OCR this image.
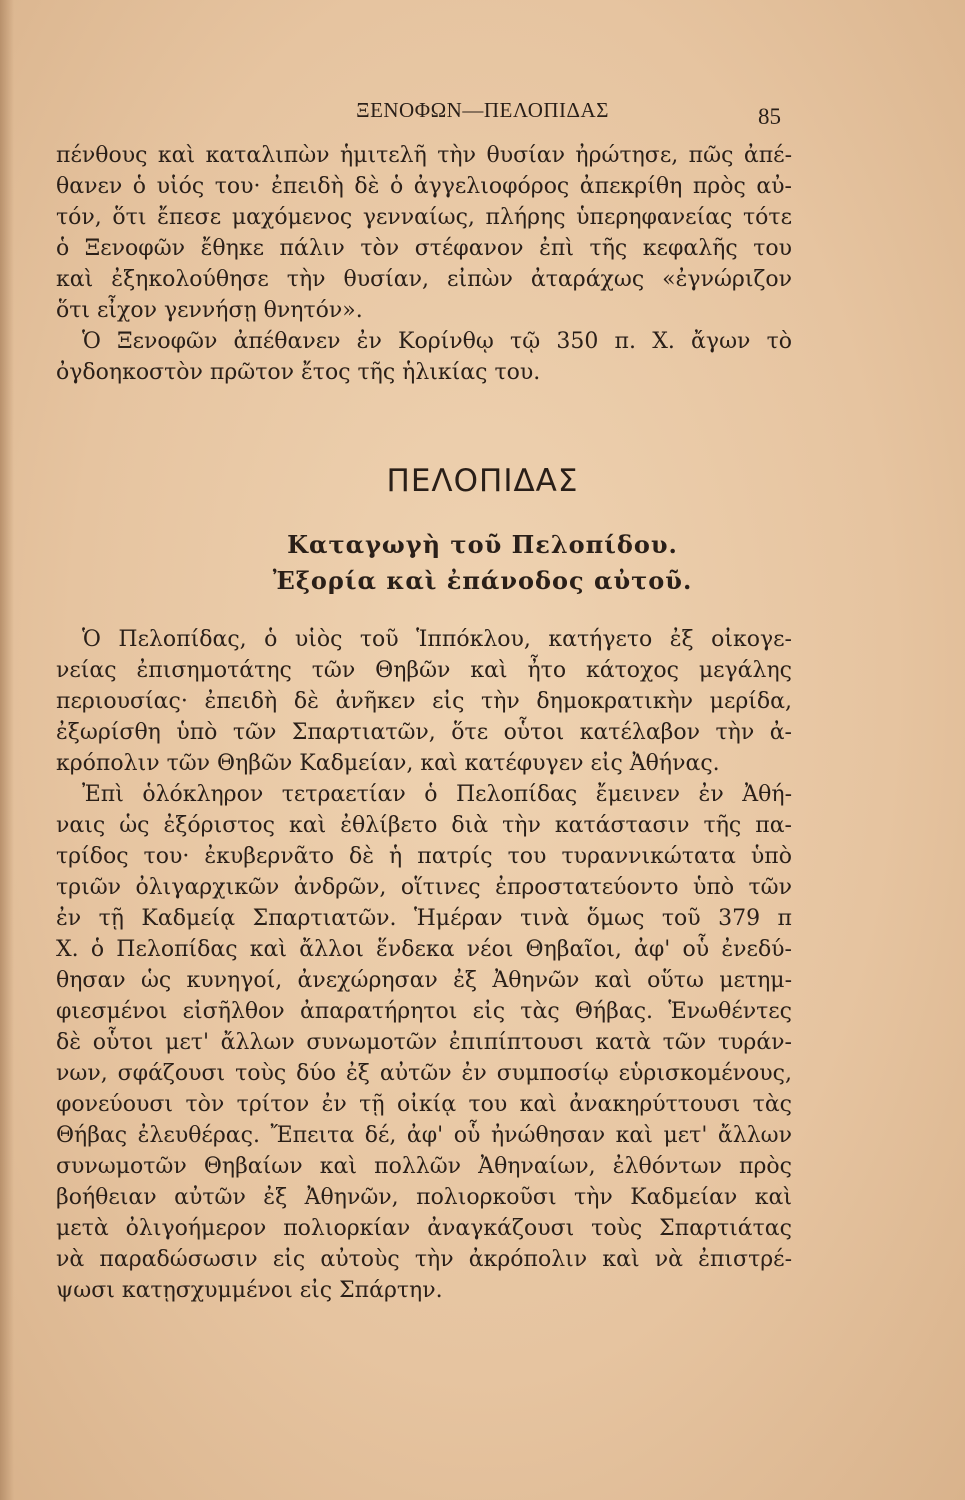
ΞΕΝΟΦΩΝ—ΠΕΛΟΠΙΔΑΣ	85
πένθους καὶ καταλιπὼν ἡμιτελῆ τὴν θυσίαν ἠρώτησε, πῶς ἀπέ-
θανεν ὁ υἱός του· ἐπειδὴ δὲ ὁ ἀγγελιοφόρος ἀπεκρίθη πρὸς αὐ-
τόν, ὅτι ἔπεσε μαχόμενος γενναίως, πλήρης ὑπερηφανείας τότε
ὁ Ξενοφῶν ἔθηκε πάλιν τὸν στέφανον ἐπὶ τῆς κεφαλῆς του
καὶ ἐξηκολούθησε τὴν θυσίαν, εἰπὼν ἀταράχως «ἐγνώριζον
ὅτι εἶχον γεννήσῃ θνητόν».
Ὁ Ξενοφῶν ἀπέθανεν ἐν Κορίνθῳ τῷ 350 π. Χ. ἄγων τὸ
ὀγδοηκοστὸν πρῶτον ἔτος τῆς ἡλικίας του.
ΠΕΛΟΠΙΔΑΣ
Καταγωγὴ τοῦ Πελοπίδου.
Ἐξορία καὶ ἐπάνοδος αὐτοῦ.
Ὁ Πελοπίδας, ὁ υἱὸς τοῦ Ἱππόκλου, κατήγετο ἐξ οἰκογε-
νείας ἐπισημοτάτης τῶν Θηβῶν καὶ ἦτο κάτοχος μεγάλης
περιουσίας· ἐπειδὴ δὲ ἀνῆκεν εἰς τὴν δημοκρατικὴν μερίδα,
ἐξωρίσθη ὑπὸ τῶν Σπαρτιατῶν, ὅτε οὗτοι κατέλαβον τὴν ἀ-
κρόπολιν τῶν Θηβῶν Καδμείαν, καὶ κατέφυγεν εἰς Ἀθήνας.
Ἐπὶ ὁλόκληρον τετραετίαν ὁ Πελοπίδας ἔμεινεν ἐν Ἀθή-
ναις ὡς ἐξόριστος καὶ ἐθλίβετο διὰ τὴν κατάστασιν τῆς πα-
τρίδος του· ἐκυβερνᾶτο δὲ ἡ πατρίς του τυραννικώτατα ὑπὸ
τριῶν ὀλιγαρχικῶν ἀνδρῶν, οἵτινες ἐπροστατεύοντο ὑπὸ τῶν
ἐν τῇ Καδμείᾳ Σπαρτιατῶν. Ἡμέραν τινὰ ὅμως τοῦ 379 π
Χ. ὁ Πελοπίδας καὶ ἄλλοι ἕνδεκα νέοι Θηβαῖοι, ἀφ' οὗ ἐνεδύ-
θησαν ὡς κυνηγοί, ἀνεχώρησαν ἐξ Ἀθηνῶν καὶ οὕτω μετημ-
φιεσμένοι εἰσῆλθον ἀπαρατήρητοι εἰς τὰς Θήβας. Ἑνωθέντες
δὲ οὗτοι μετ' ἄλλων συνωμοτῶν ἐπιπίπτουσι κατὰ τῶν τυράν-
νων, σφάζουσι τοὺς δύο ἐξ αὐτῶν ἐν συμποσίῳ εὑρισκομένους,
φονεύουσι τὸν τρίτον ἐν τῇ οἰκίᾳ του καὶ ἀνακηρύττουσι τὰς
Θήβας ἐλευθέρας. Ἔπειτα δέ, ἀφ' οὗ ἠνώθησαν καὶ μετ' ἄλλων
συνωμοτῶν Θηβαίων καὶ πολλῶν Ἀθηναίων, ἐλθόντων πρὸς
βοήθειαν αὐτῶν ἐξ Ἀθηνῶν, πολιορκοῦσι τὴν Καδμείαν καὶ
μετὰ ὀλιγοήμερον πολιορκίαν ἀναγκάζουσι τοὺς Σπαρτιάτας
νὰ παραδώσωσιν εἰς αὐτοὺς τὴν ἀκρόπολιν καὶ νὰ ἐπιστρέ-
ψωσι κατῃσχυμμένοι εἰς Σπάρτην.
